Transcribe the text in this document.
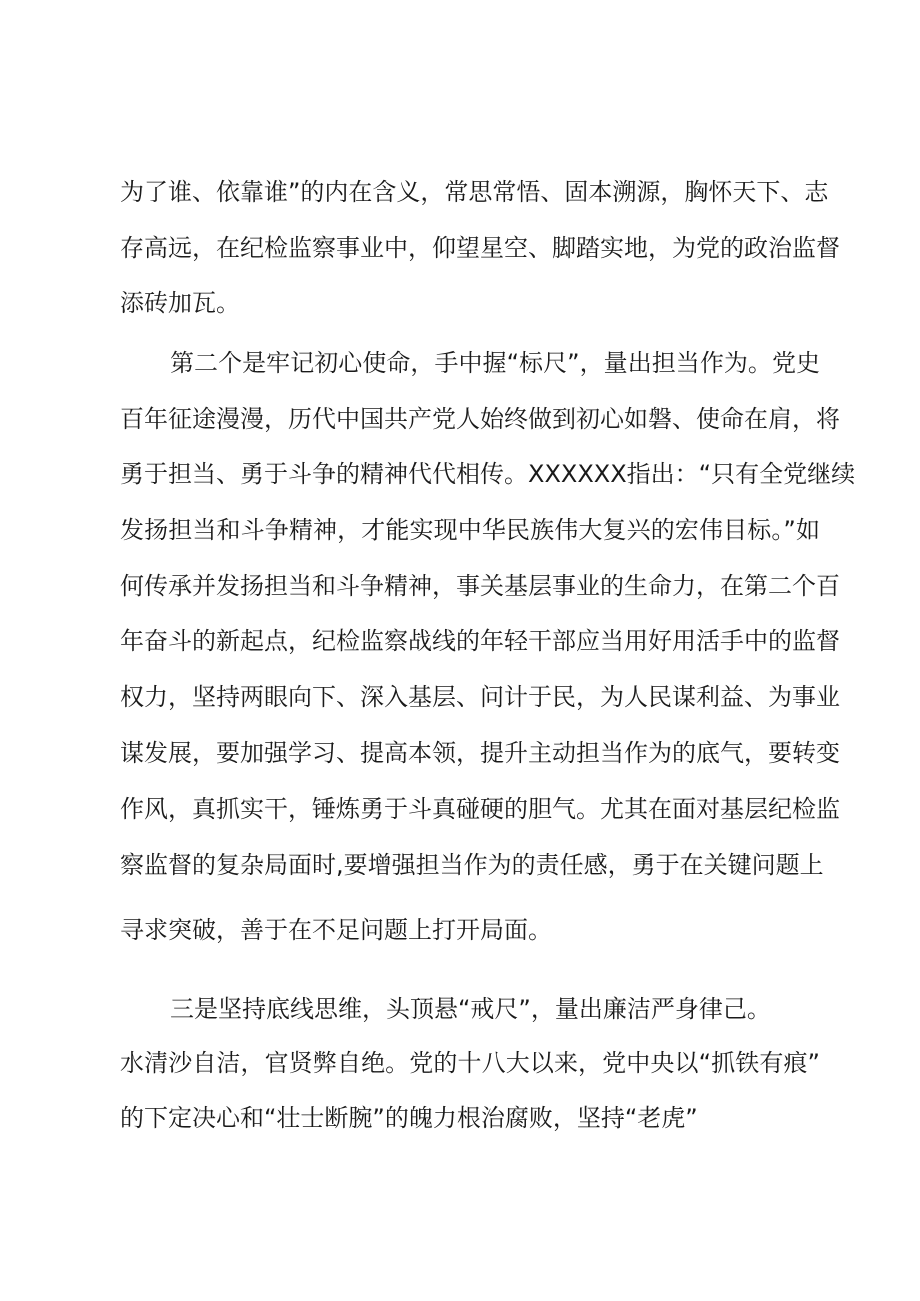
为了谁、依靠谁”的内在含义，常思常悟、固本溯源，胸怀天下、志
存高远，在纪检监察事业中，仰望星空、脚踏实地，为党的政治监督
添砖加瓦。
第二个是牢记初心使命，手中握“标尺”，量出担当作为。党史
百年征途漫漫，历代中国共产党人始终做到初心如磐、使命在肩，将
勇于担当、勇于斗争的精神代代相传。XXXXXX指出：“只有全党继续
发扬担当和斗争精神，才能实现中华民族伟大复兴的宏伟目标。”如
何传承并发扬担当和斗争精神，事关基层事业的生命力，在第二个百
年奋斗的新起点，纪检监察战线的年轻干部应当用好用活手中的监督
权力，坚持两眼向下、深入基层、问计于民，为人民谋利益、为事业
谋发展，要加强学习、提高本领，提升主动担当作为的底气，要转变
作风，真抓实干，锤炼勇于斗真碰硬的胆气。尤其在面对基层纪检监
察监督的复杂局面时,要增强担当作为的责任感，勇于在关键问题上
寻求突破，善于在不足问题上打开局面。
三是坚持底线思维，头顶悬“戒尺”，量出廉洁严身律己。
水清沙自洁，官贤弊自绝。党的十八大以来，党中央以“抓铁有痕”
的下定决心和“壮士断腕”的魄力根治腐败，坚持“老虎”
